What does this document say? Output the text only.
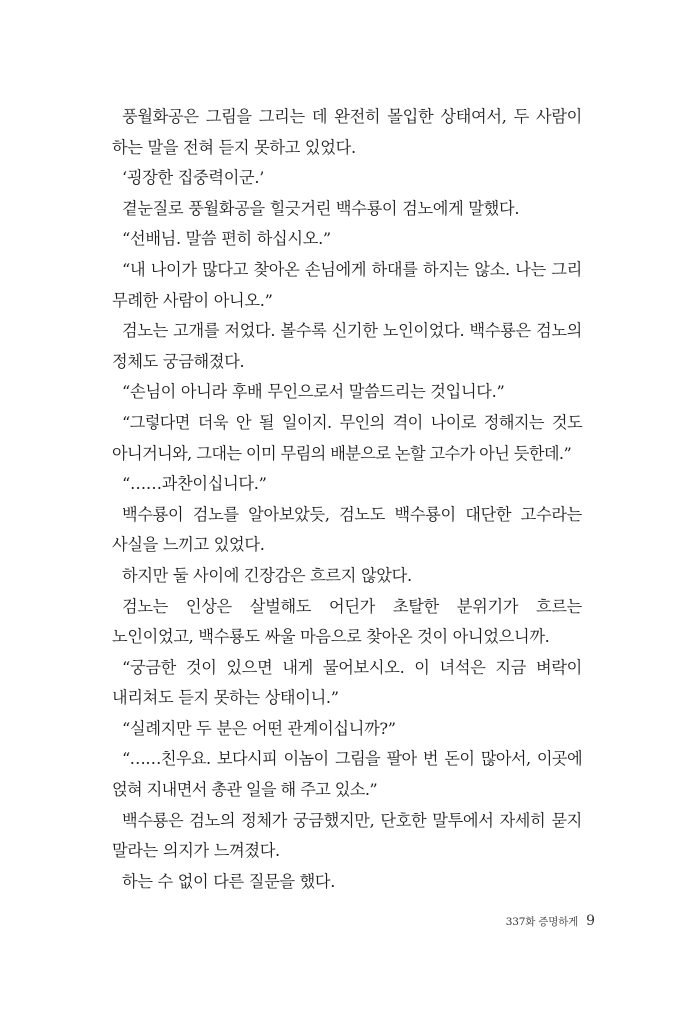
풍월화공은 그림을 그리는 데 완전히 몰입한 상태여서, 두 사람이 하는 말을 전혀 듣지 못하고 있었다.

‘굉장한 집중력이군.’

곁눈질로 풍월화공을 힐긋거린 백수룡이 검노에게 말했다.

“선배님. 말씀 편히 하십시오.”

“내 나이가 많다고 찾아온 손님에게 하대를 하지는 않소. 나는 그리 무례한 사람이 아니오.”

검노는 고개를 저었다. 볼수록 신기한 노인이었다. 백수룡은 검노의 정체도 궁금해졌다.

“손님이 아니라 후배 무인으로서 말씀드리는 것입니다.”

“그렇다면 더욱 안 될 일이지. 무인의 격이 나이로 정해지는 것도 아니거니와, 그대는 이미 무림의 배분으로 논할 고수가 아닌 듯한데.”

“……과찬이십니다.”

백수룡이 검노를 알아보았듯, 검노도 백수룡이 대단한 고수라는 사실을 느끼고 있었다.

하지만 둘 사이에 긴장감은 흐르지 않았다.

검노는 인상은 살벌해도 어딘가 초탈한 분위기가 흐르는 노인이었고, 백수룡도 싸울 마음으로 찾아온 것이 아니었으니까.

“궁금한 것이 있으면 내게 물어보시오. 이 녀석은 지금 벼락이 내리쳐도 듣지 못하는 상태이니.”

“실례지만 두 분은 어떤 관계이십니까?”

“……친우요. 보다시피 이놈이 그림을 팔아 번 돈이 많아서, 이곳에 얹혀 지내면서 총관 일을 해 주고 있소.”

백수룡은 검노의 정체가 궁금했지만, 단호한 말투에서 자세히 묻지 말라는 의지가 느껴졌다.

하는 수 없이 다른 질문을 했다.

337화 증명하게 9
